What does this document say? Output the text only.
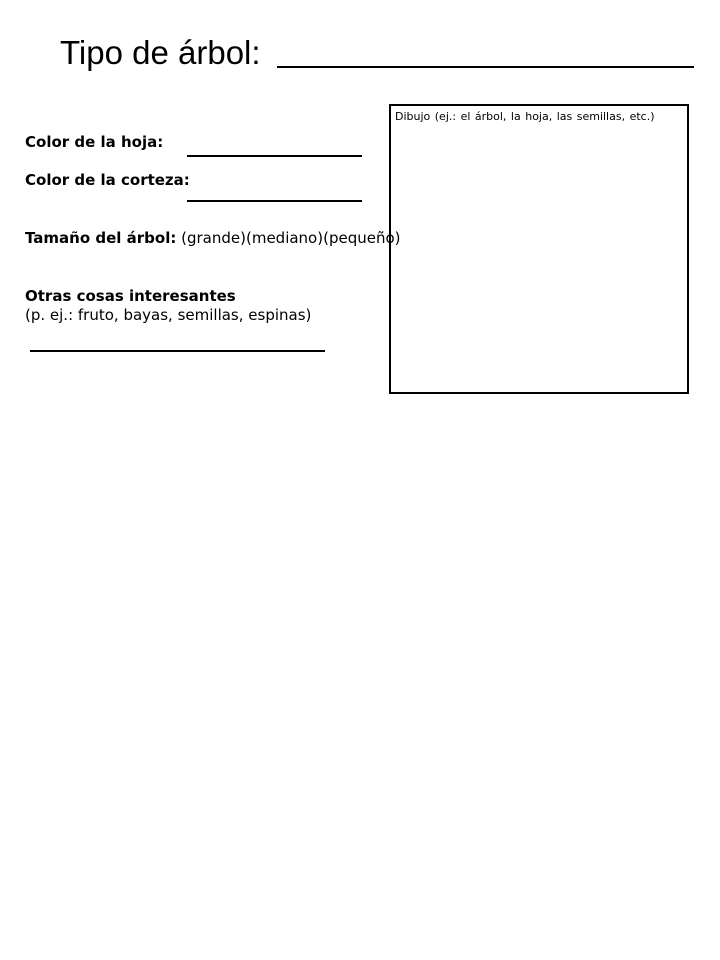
Tipo de árbol:
Color de la hoja:
Color de la corteza:
Tamaño del árbol: (grande)(mediano)(pequeño)
Otras cosas interesantes
(p. ej.: fruto, bayas, semillas, espinas)
Dibujo (ej.: el árbol, la hoja, las semillas, etc.)
